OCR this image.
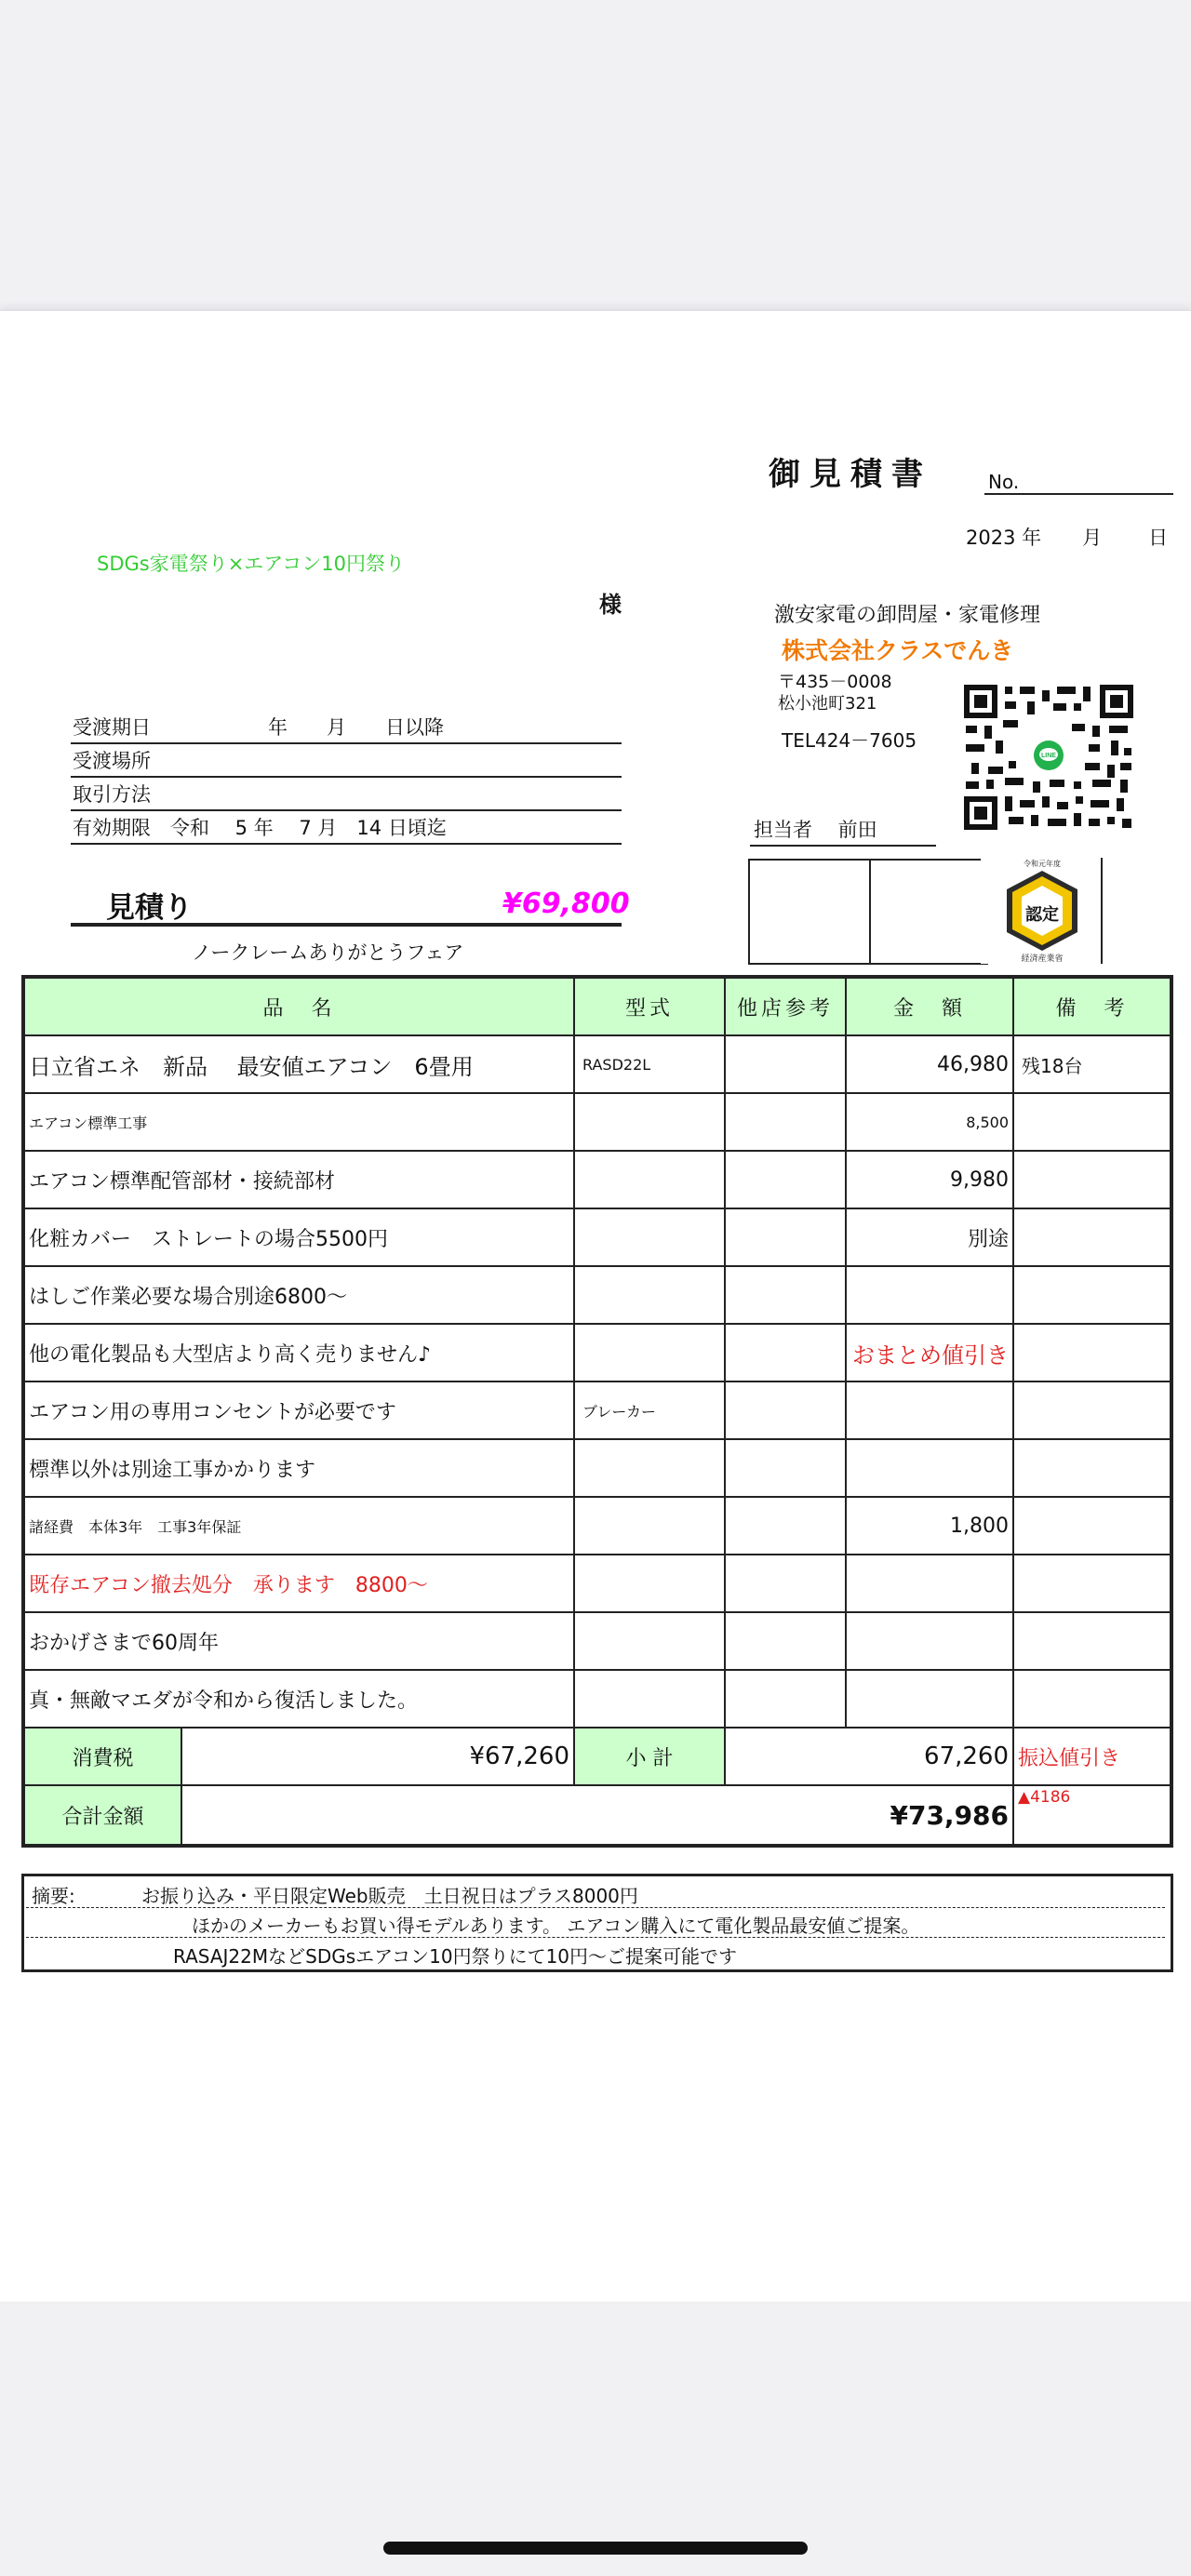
御見積書	No.
2023 年 月 日
SDGs家電祭り×エアコン10円祭り
様	激安家電の卸問屋・家電修理
株式会社クラスでんき
〒435－0008
松小池町321
TEL424－7605
LINE
受渡期日　　　　　　年　　月　　日以降
受渡場所
取引方法
有効期限　令和　 5 年　 7 月　14 日頃迄	担当者　 前田
令和元年度
認定
経済産業省
見積り	¥69,800
ノークレームありがとうフェア
品　名		型式	他店参考	金　額	備　考
日立省エネ　新品　 最安値エアコン　6畳用		RASD22L		46,980	残18台
エアコン標準工事				8,500	
エアコン標準配管部材・接続部材				9,980	
化粧カバー　ストレートの場合5500円				別途	
はしご作業必要な場合別途6800～					
他の電化製品も大型店より高く売りません♪				おまとめ値引き	
エアコン用の専用コンセントが必要です		ブレーカー			
標準以外は別途工事かかります					
諸経費　本体3年　工事3年保証				1,800	
既存エアコン撤去処分　承ります　8800～					
おかげさまで60周年					
真・無敵マエダが令和から復活しました。					
消費税	¥67,260	小 計	67,260		振込値引き
合計金額	¥73,986				▲4186
摘要:	お振り込み・平日限定Web販売　土日祝日はプラス8000円
ほかのメーカーもお買い得モデルあります。 エアコン購入にて電化製品最安値ご提案。
RASAJ22MなどSDGsエアコン10円祭りにて10円～ご提案可能です
